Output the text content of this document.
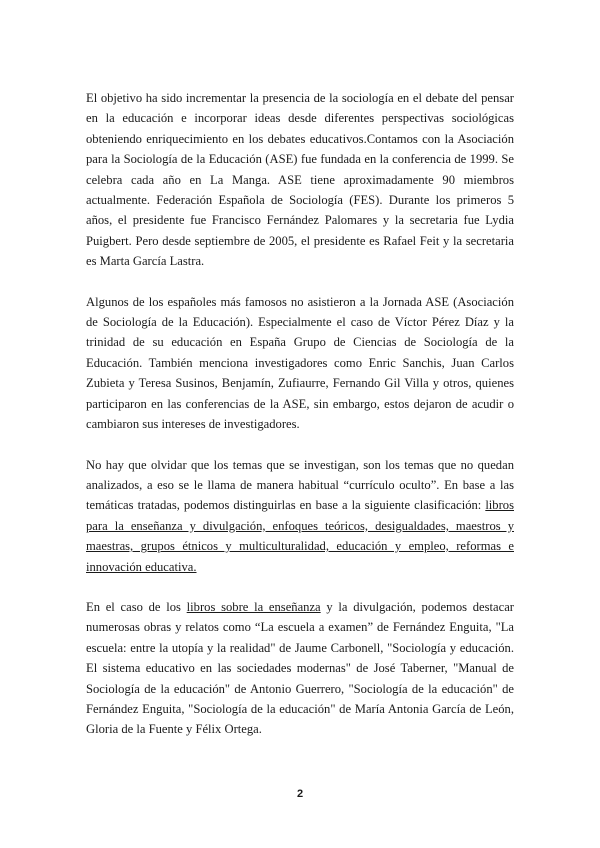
El objetivo ha sido incrementar la presencia de la sociología en el debate del pensar en la educación e incorporar ideas desde diferentes perspectivas sociológicas obteniendo enriquecimiento en los debates educativos.Contamos con la Asociación para la Sociología de la Educación (ASE) fue fundada en la conferencia de 1999. Se celebra cada año en La Manga. ASE tiene aproximadamente 90 miembros actualmente. Federación Española de Sociología (FES). Durante los primeros 5 años, el presidente fue Francisco Fernández Palomares y la secretaria fue Lydia Puigbert. Pero desde septiembre de 2005, el presidente es Rafael Feit y la secretaria es Marta García Lastra.

Algunos de los españoles más famosos no asistieron a la Jornada ASE (Asociación de Sociología de la Educación). Especialmente el caso de Víctor Pérez Díaz y la trinidad de su educación en España Grupo de Ciencias de Sociología de la Educación. También menciona investigadores como Enric Sanchis, Juan Carlos Zubieta y Teresa Susinos, Benjamín, Zufiaurre, Fernando Gil Villa y otros, quienes participaron en las conferencias de la ASE, sin embargo, estos dejaron de acudir o cambiaron sus intereses de investigadores.

No hay que olvidar que los temas que se investigan, son los temas que no quedan analizados, a eso se le llama de manera habitual “currículo oculto”. En base a las temáticas tratadas, podemos distinguirlas en base a la siguiente clasificación: libros para la enseñanza y divulgación, enfoques teóricos, desigualdades, maestros y maestras, grupos étnicos y multiculturalidad, educación y empleo, reformas e innovación educativa.

En el caso de los libros sobre la enseñanza y la divulgación, podemos destacar numerosas obras y relatos como “La escuela a examen” de Fernández Enguita, "La escuela: entre la utopía y la realidad" de Jaume Carbonell, "Sociología y educación. El sistema educativo en las sociedades modernas" de José Taberner, "Manual de Sociología de la educación" de Antonio Guerrero, "Sociología de la educación" de Fernández Enguita, "Sociología de la educación" de María Antonia García de León, Gloria de la Fuente y Félix Ortega.

2
